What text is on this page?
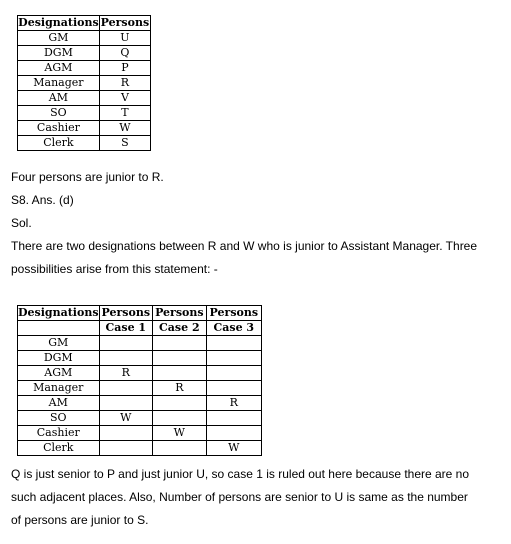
Designations	Persons
GM	U
DGM	Q
AGM	P
Manager	R
AM	V
SO	T
Cashier	W
Clerk	S

Four persons are junior to R.

S8. Ans. (d)

Sol.

There are two designations between R and W who is junior to Assistant Manager. Three

possibilities arise from this statement: -

Designations	Persons	Persons	Persons
	Case 1	Case 2	Case 3
GM			
DGM			
AGM	R		
Manager		R	
AM			R
SO	W		
Cashier		W	
Clerk			W

Q is just senior to P and just junior U, so case 1 is ruled out here because there are no

such adjacent places. Also, Number of persons are senior to U is same as the number

of persons are junior to S.
